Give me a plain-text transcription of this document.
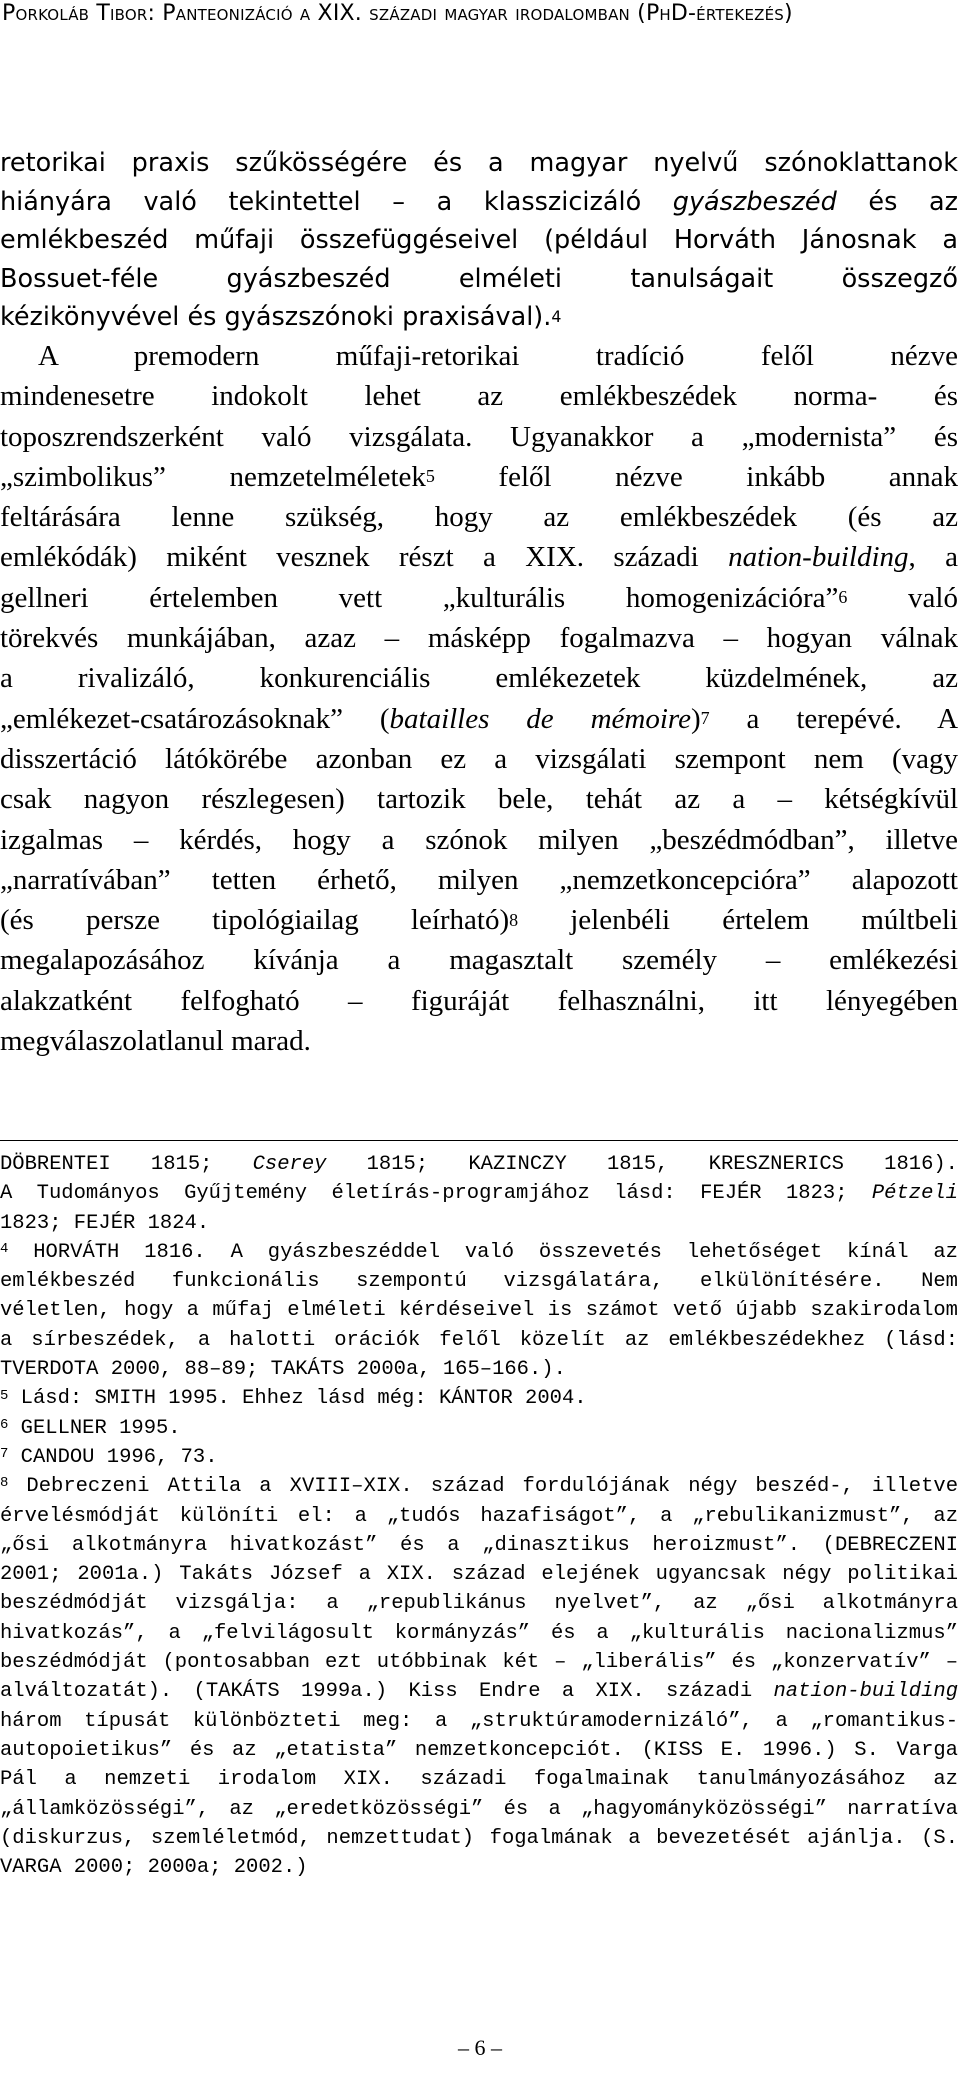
Porkoláb Tibor: Panteonizáció a XIX. századi magyar irodalomban (PhD-értekezés)
retorikai praxis szűkösségére és a magyar nyelvű szónoklattanok
hiányára való tekintettel – a klasszicizáló gyászbeszéd és az
emlékbeszéd műfaji összefüggéseivel (például Horváth Jánosnak a
Bossuet-féle gyászbeszéd elméleti tanulságait összegző
kézikönyvével és gyászszónoki praxisával).$^4$
A premodern műfaji-retorikai tradíció felől nézve
mindenesetre indokolt lehet az emlékbeszédek norma- és
toposzrendszerként való vizsgálata. Ugyanakkor a „modernista” és
„szimbolikus” nemzetelméletek$^5$ felől nézve inkább annak
feltárására lenne szükség, hogy az emlékbeszédek (és az
emlékódák) miként vesznek részt a XIX. századi nation-building, a
gellneri értelemben vett „kulturális homogenizációra”$^6$ való
törekvés munkájában, azaz – másképp fogalmazva – hogyan válnak
a rivalizáló, konkurenciális emlékezetek küzdelmének, az
„emlékezet-csatározásoknak” (batailles de mémoire)$^7$ a terepévé. A
disszertáció látókörébe azonban ez a vizsgálati szempont nem (vagy
csak nagyon részlegesen) tartozik bele, tehát az a – kétségkívül
izgalmas – kérdés, hogy a szónok milyen „beszédmódban”, illetve
„narratívában” tetten érhető, milyen „nemzetkoncepcióra” alapozott
(és persze tipológiailag leírható)$^8$ jelenbéli értelem múltbeli
megalapozásához kívánja a magasztalt személy – emlékezési
alakzatként felfogható – figuráját felhasználni, itt lényegében
megválaszolatlanul marad.
DÖBRENTEI 1815; Cserey 1815; KAZINCZY 1815, KRESZNERICS 1816).
A Tudományos Gyűjtemény életírás-programjához lásd: FEJÉR 1823; Pétzeli
1823; FEJÉR 1824.
$^4$ HORVÁTH 1816. A gyászbeszéddel való összevetés lehetőséget kínál az
emlékbeszéd funkcionális szempontú vizsgálatára, elkülönítésére. Nem
véletlen, hogy a műfaj elméleti kérdéseivel is számot vető újabb szakirodalom
a sírbeszédek, a halotti orációk felől közelít az emlékbeszédekhez (lásd:
TVERDOTA 2000, 88–89; TAKÁTS 2000a, 165–166.).
$^5$ Lásd: SMITH 1995. Ehhez lásd még: KÁNTOR 2004.
$^6$ GELLNER 1995.
$^7$ CANDOU 1996, 73.
$^8$ Debreczeni Attila a XVIII–XIX. század fordulójának négy beszéd-, illetve
érvelésmódját különíti el: a „tudós hazafiságot”, a „rebulikanizmust”, az
„ősi alkotmányra hivatkozást” és a „dinasztikus heroizmust”. (DEBRECZENI
2001; 2001a.) Takáts József a XIX. század elejének ugyancsak négy politikai
beszédmódját vizsgálja: a „republikánus nyelvet”, az „ősi alkotmányra
hivatkozás”, a „felvilágosult kormányzás” és a „kulturális nacionalizmus”
beszédmódját (pontosabban ezt utóbbinak két – „liberális” és „konzervatív” –
alváltozatát). (TAKÁTS 1999a.) Kiss Endre a XIX. századi nation-building
három típusát különbözteti meg: a „struktúramodernizáló”, a „romantikus-
autopoietikus” és az „etatista” nemzetkoncepciót. (KISS E. 1996.) S. Varga
Pál a nemzeti irodalom XIX. századi fogalmainak tanulmányozásához az
„államközösségi”, az „eredetközösségi” és a „hagyományközösségi” narratíva
(diskurzus, szemléletmód, nemzettudat) fogalmának a bevezetését ajánlja. (S.
VARGA 2000; 2000a; 2002.)
– 6 –
